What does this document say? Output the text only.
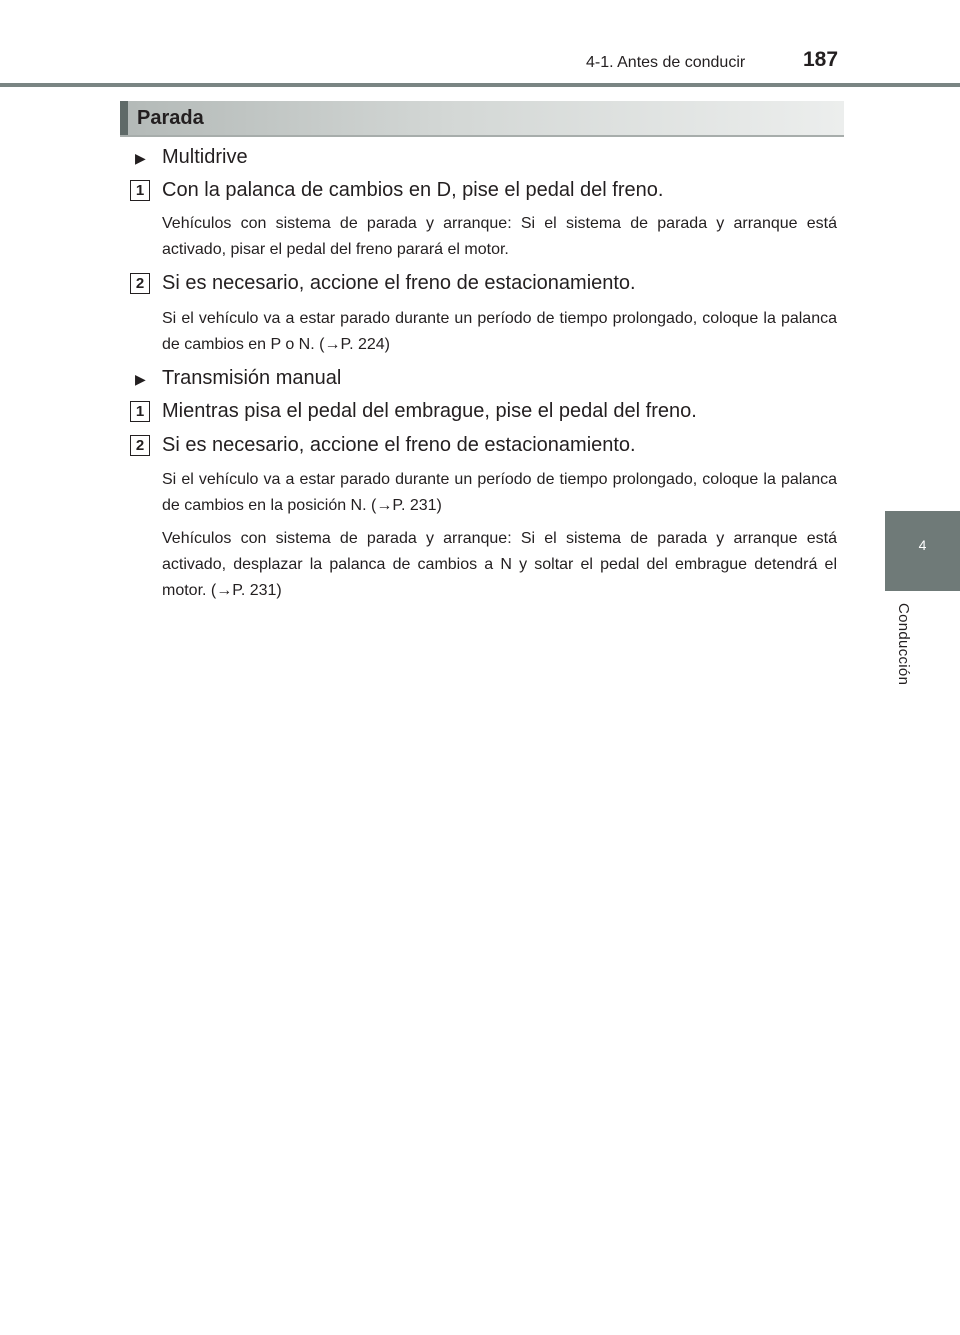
4-1. Antes de conducir	187
4
Conducción
Parada
▶ Multidrive
1 Con la palanca de cambios en D, pise el pedal del freno.
Vehículos con sistema de parada y arranque: Si el sistema de parada y arranque está activado, pisar el pedal del freno parará el motor.
2 Si es necesario, accione el freno de estacionamiento.
Si el vehículo va a estar parado durante un período de tiempo prolongado, coloque la palanca de cambios en P o N. (→P. 224)
▶ Transmisión manual
1 Mientras pisa el pedal del embrague, pise el pedal del freno.
2 Si es necesario, accione el freno de estacionamiento.
Si el vehículo va a estar parado durante un período de tiempo prolongado, coloque la palanca de cambios en la posición N. (→P. 231)
Vehículos con sistema de parada y arranque: Si el sistema de parada y arranque está activado, desplazar la palanca de cambios a N y soltar el pedal del embrague detendrá el motor. (→P. 231)
